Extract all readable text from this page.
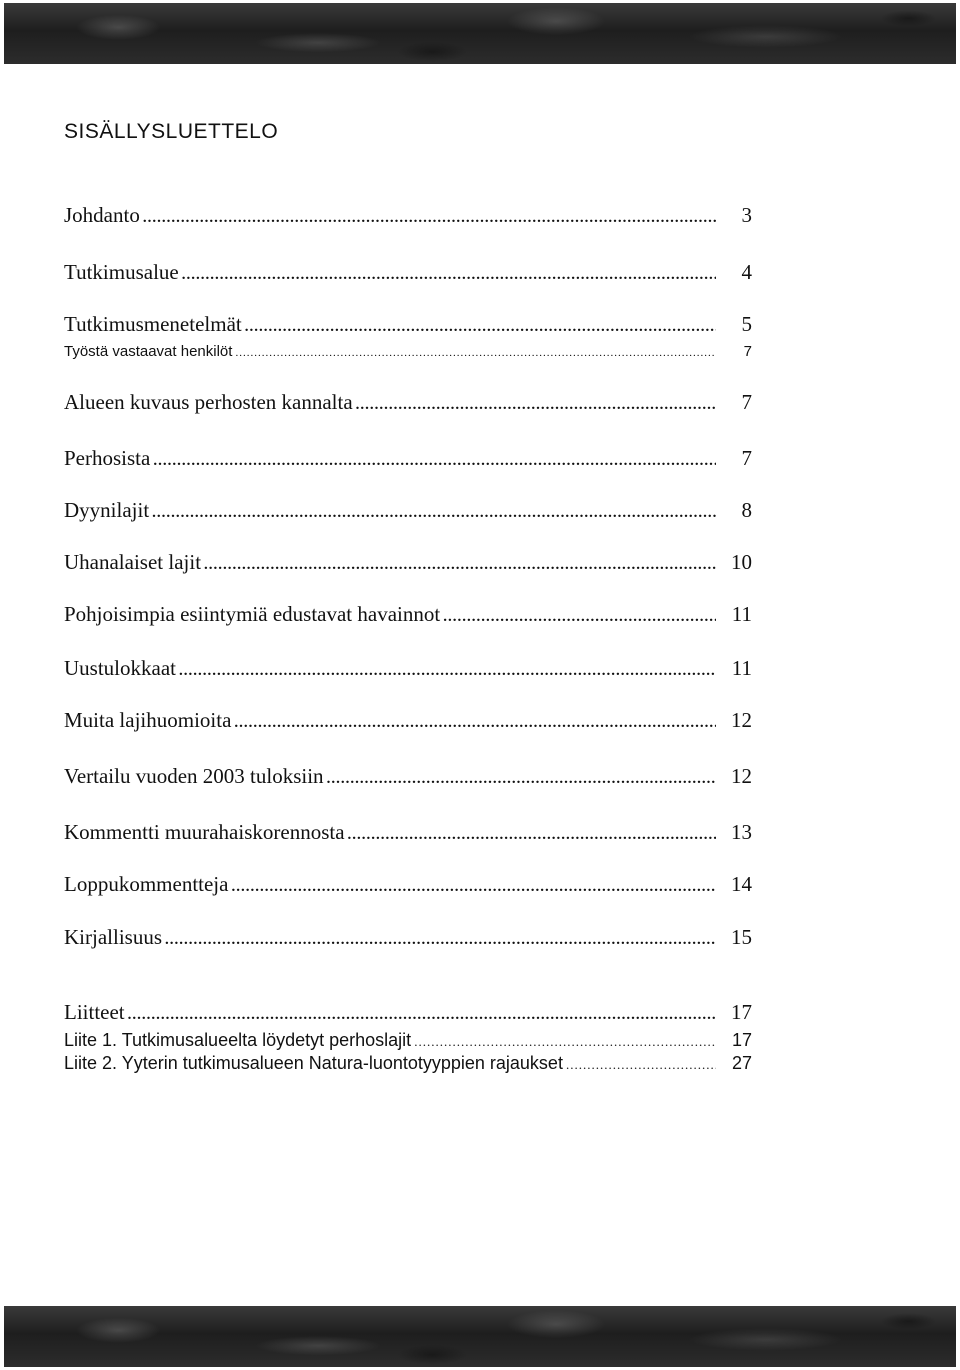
SISÄLLYSLUETTELO
Johdanto .....	3
Tutkimusalue .....	4
Tutkimusmenetelmät .....	5
Työstä vastaavat henkilöt .....	7
Alueen kuvaus perhosten kannalta .....	7
Perhosista .....	7
Dyynilajit .....	8
Uhanalaiset lajit .....	10
Pohjoisimpia esiintymiä edustavat havainnot .....	11
Uustulokkaat .....	11
Muita lajihuomioita .....	12
Vertailu vuoden 2003 tuloksiin .....	12
Kommentti muurahaiskorennosta .....	13
Loppukommentteja .....	14
Kirjallisuus .....	15
Liitteet .....	17
Liite 1. Tutkimusalueelta löydetyt perhoslajit .....	17
Liite 2. Yyterin tutkimusalueen Natura-luontotyyppien rajaukset .....	27
